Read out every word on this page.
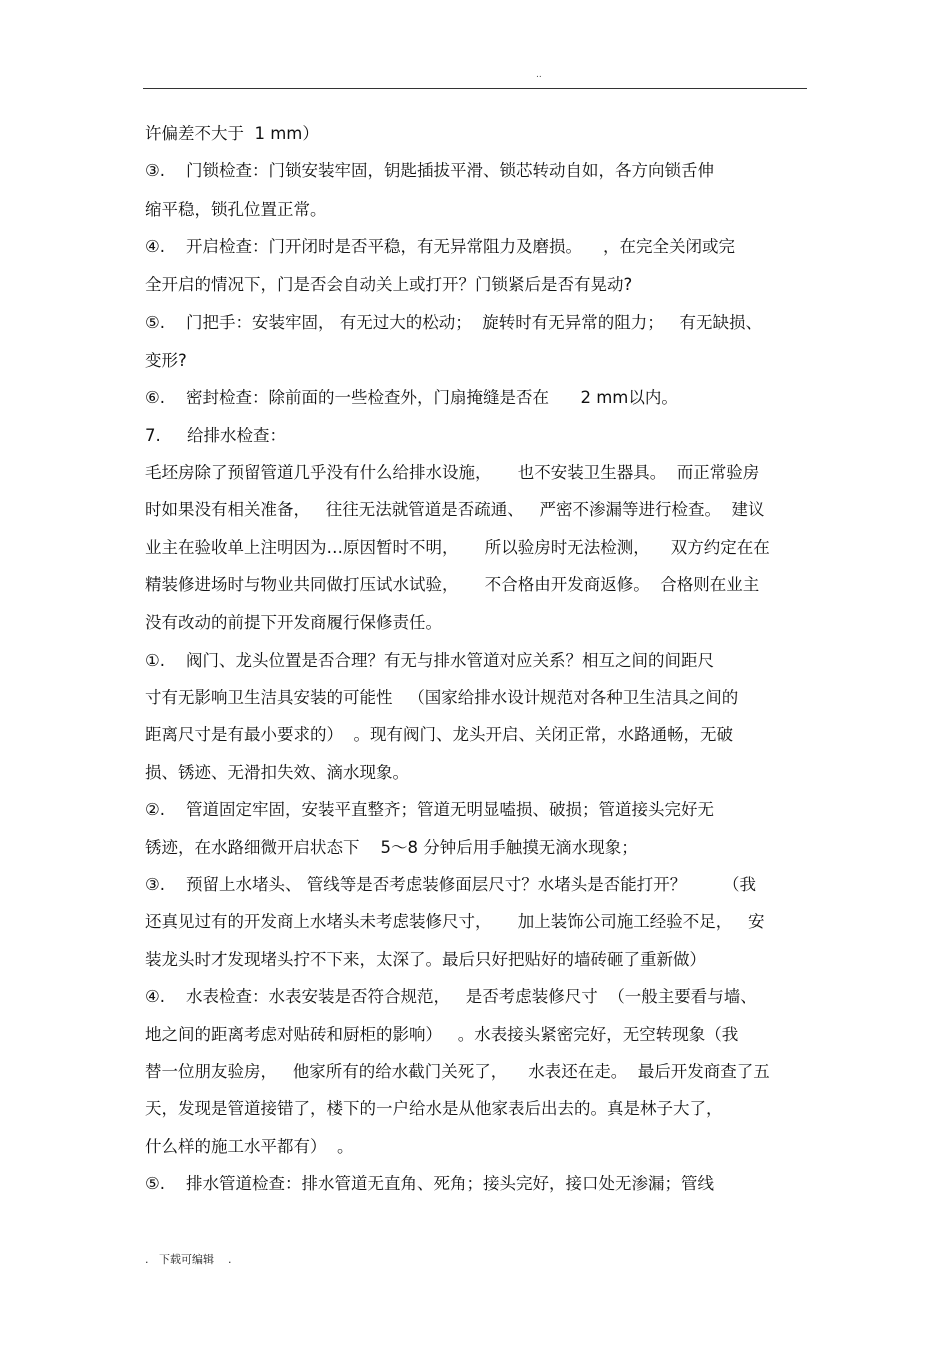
..
许偏差不大于  1 mm）
③.    门锁检查：门锁安装牢固，钥匙插拔平滑、锁芯转动自如，各方向锁舌伸
缩平稳，锁孔位置正常。
④.    开启检查：门开闭时是否平稳，有无异常阻力及磨损。    ，在完全关闭或完
全开启的情况下，门是否会自动关上或打开？门锁紧后是否有晃动?
⑤.    门把手：安装牢固， 有无过大的松动；  旋转时有无异常的阻力；   有无缺损、
变形?
⑥.    密封检查：除前面的一些检查外，门扇掩缝是否在      2 mm以内。
7.     给排水检查：
毛坯房除了预留管道几乎没有什么给排水设施，     也不安装卫生器具。  而正常验房
时如果没有相关准备，   往往无法就管道是否疏通、   严密不渗漏等进行检查。  建议
业主在验收单上注明因为…原因暂时不明，     所以验房时无法检测，    双方约定在在
精装修进场时与物业共同做打压试水试验，     不合格由开发商返修。  合格则在业主
没有改动的前提下开发商履行保修责任。
①.    阀门、龙头位置是否合理？有无与排水管道对应关系？相互之间的间距尺
寸有无影响卫生洁具安装的可能性   （国家给排水设计规范对各种卫生洁具之间的
距离尺寸是有最小要求的）  。现有阀门、龙头开启、关闭正常，水路通畅，无破
损、锈迹、无滑扣失效、滴水现象。
②.    管道固定牢固，安装平直整齐；管道无明显嗑损、破损；管道接头完好无
锈迹，在水路细微开启状态下    5～8 分钟后用手触摸无滴水现象；
③.    预留上水堵头、 管线等是否考虑装修面层尺寸？水堵头是否能打开？       （我
还真见过有的开发商上水堵头未考虑装修尺寸，     加上装饰公司施工经验不足，   安
装龙头时才发现堵头拧不下来，太深了。最后只好把贴好的墙砖砸了重新做）
④.    水表检查：水表安装是否符合规范，   是否考虑装修尺寸  （一般主要看与墙、
地之间的距离考虑对贴砖和厨柜的影响）   。水表接头紧密完好，无空转现象（我
替一位朋友验房，   他家所有的给水截门关死了，    水表还在走。  最后开发商查了五
天，发现是管道接错了，楼下的一户给水是从他家表后出去的。真是林子大了，
什么样的施工水平都有）  。
⑤.    排水管道检查：排水管道无直角、死角；接头完好，接口处无渗漏；管线
.   下载可编辑    .
